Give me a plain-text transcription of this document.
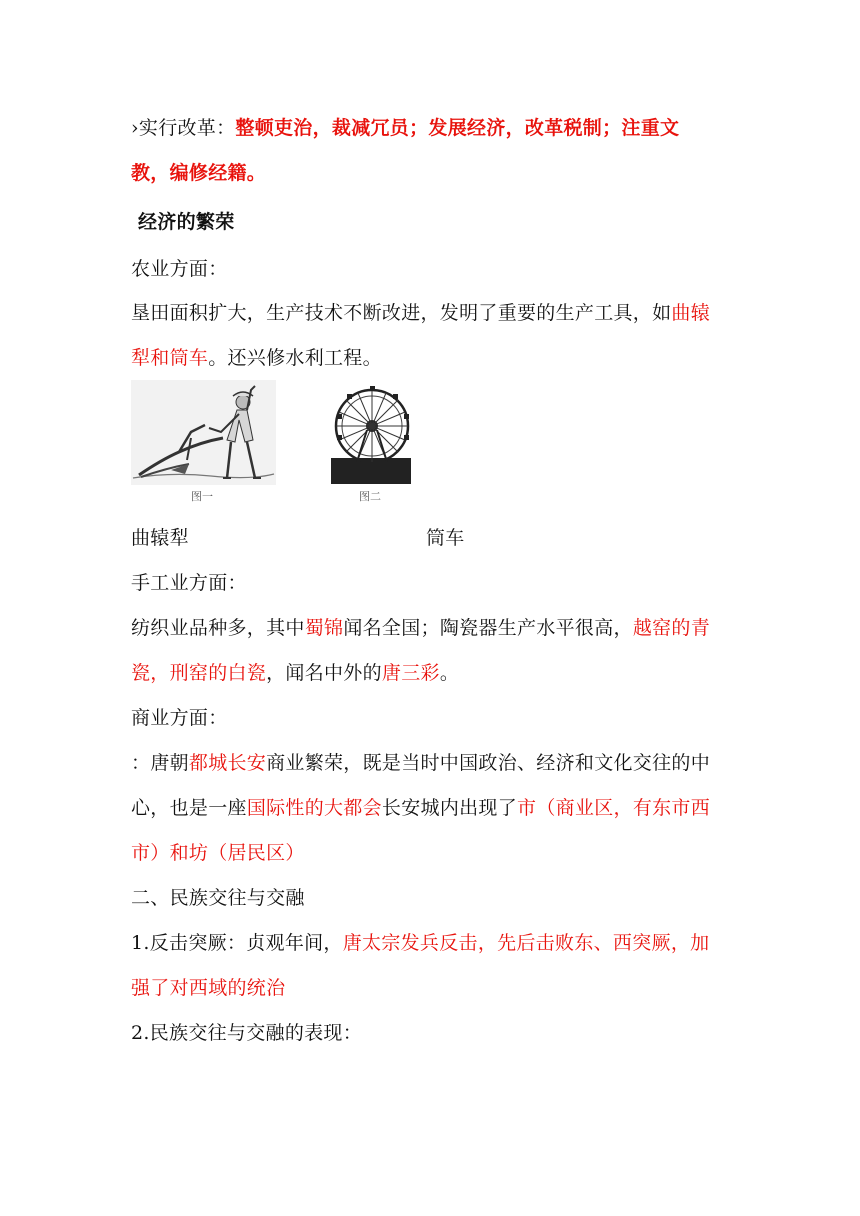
›实行改革：整顿吏治，裁减冗员；发展经济，改革税制；注重文
教，编修经籍。
经济的繁荣
农业方面：
垦田面积扩大，生产技术不断改进，发明了重要的生产工具，如曲辕
犁和筒车。还兴修水利工程。
图一	图二
曲辕犁	筒车
手工业方面：
纺织业品种多，其中蜀锦闻名全国；陶瓷器生产水平很高，越窑的青
瓷，刑窑的白瓷，闻名中外的唐三彩。
商业方面：
：唐朝都城长安商业繁荣，既是当时中国政治、经济和文化交往的中
心，也是一座国际性的大都会长安城内出现了市（商业区，有东市西
市）和坊（居民区）
二、民族交往与交融
1.反击突厥：贞观年间，唐太宗发兵反击，先后击败东、西突厥，加
强了对西域的统治
2.民族交往与交融的表现：
